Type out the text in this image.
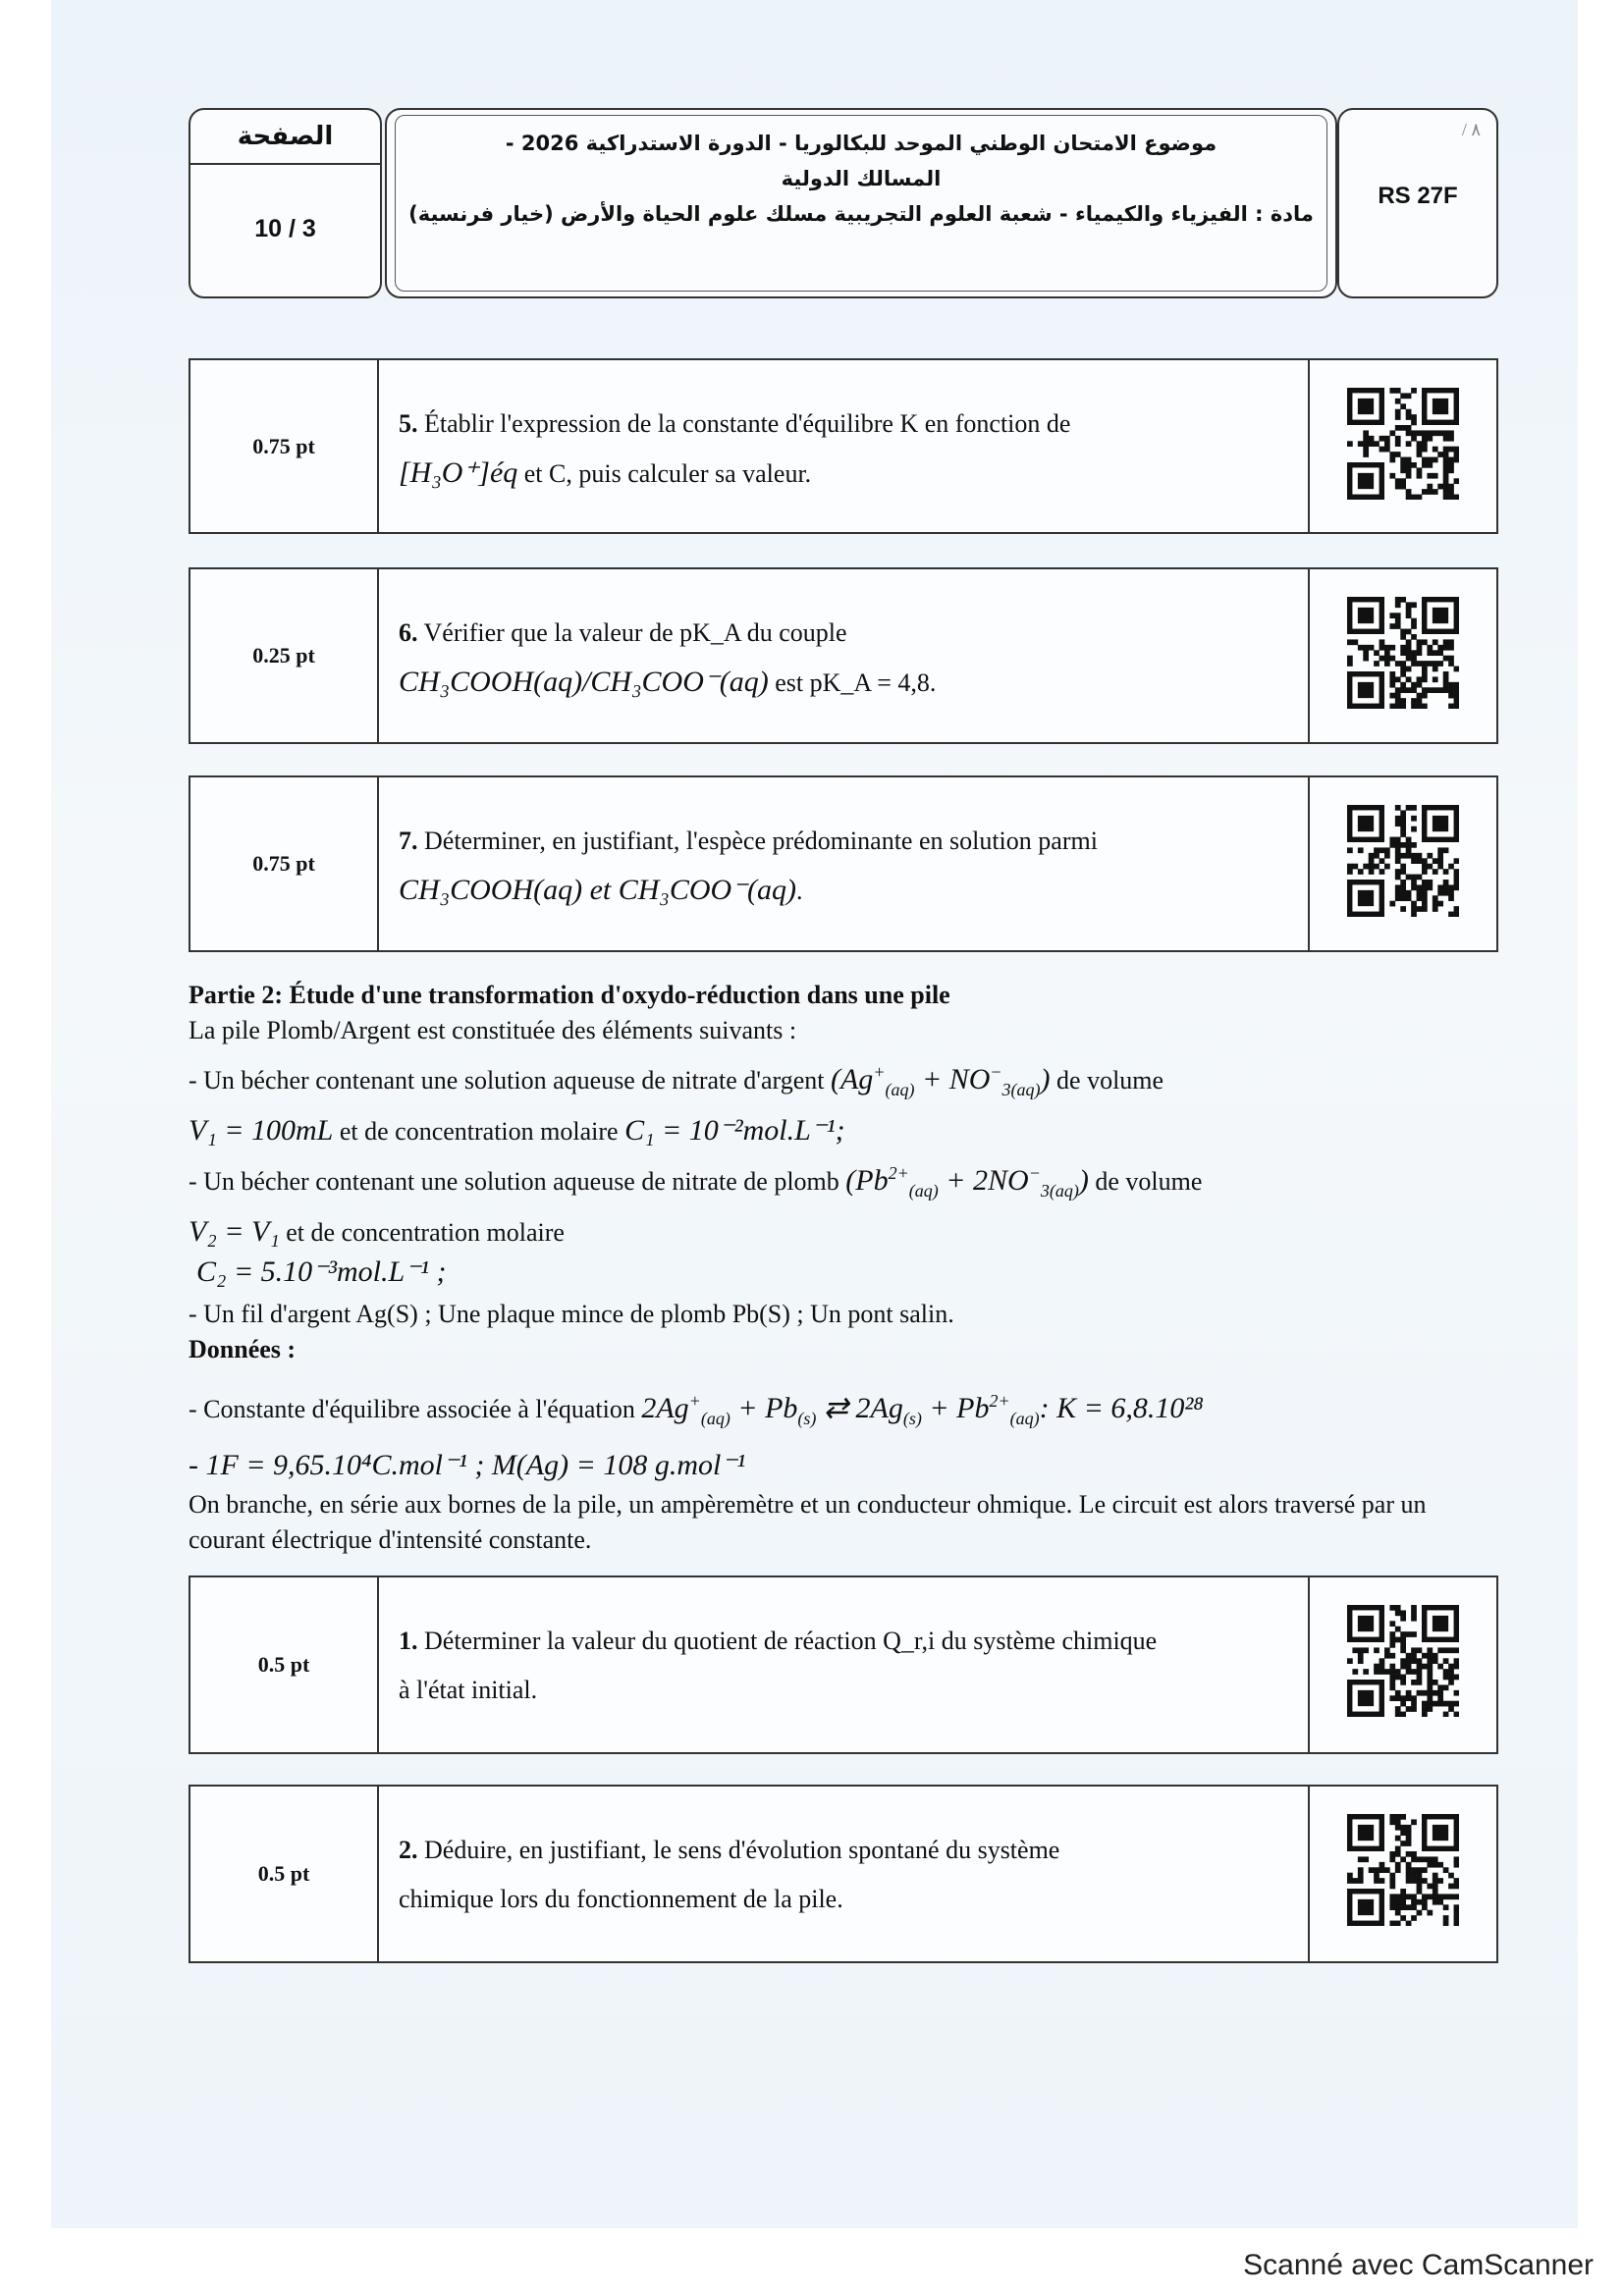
الصفحة
10 / 3
موضوع الامتحان الوطني الموحد للبكالوريا - الدورة الاستدراكية 2026 -
المسالك الدولية
مادة : الفيزياء والكيمياء - شعبة العلوم التجريبية مسلك علوم الحياة والأرض (خيار فرنسية)
/ ۸
RS 27F
0.75 pt
5. Établir l'expression de la constante d'équilibre K en fonction de
[H₃O⁺]éq et C, puis calculer sa valeur.
0.25 pt
6. Vérifier que la valeur de pK_A du couple
CH₃COOH(aq)/CH₃COO⁻(aq) est pK_A = 4,8.
0.75 pt
7. Déterminer, en justifiant, l'espèce prédominante en solution parmi
CH₃COOH(aq) et CH₃COO⁻(aq).
Partie 2: Étude d'une transformation d'oxydo-réduction dans une pile
La pile Plomb/Argent est constituée des éléments suivants :
- Un bécher contenant une solution aqueuse de nitrate d'argent $(Ag^+_{(aq)} + NO^-_{3(aq)})$ de volume
V₁ = 100mL et de concentration molaire C₁ = 10⁻²mol.L⁻¹;
- Un bécher contenant une solution aqueuse de nitrate de plomb $(Pb^{2+}_{(aq)} + 2NO^-_{3(aq)})$ de volume
V₂ = V₁ et de concentration molaire
C₂ = 5.10⁻³mol.L⁻¹ ;
- Un fil d'argent Ag(S) ; Une plaque mince de plomb Pb(S) ; Un pont salin.
Données :
- Constante d'équilibre associée à l'équation $2Ag^+_{(aq)} + Pb_{(s)}$ ⇄ $2Ag_{(s)} + Pb^{2+}_{(aq)}$: K = 6,8.10²⁸
- 1F = 9,65.10⁴C.mol⁻¹ ; M(Ag) = 108 g.mol⁻¹
On branche, en série aux bornes de la pile, un ampèremètre et un conducteur ohmique. Le circuit est alors traversé par un courant électrique d'intensité constante.
0.5 pt
1. Déterminer la valeur du quotient de réaction Q_r,i du système chimique
à l'état initial.
0.5 pt
2. Déduire, en justifiant, le sens d'évolution spontané du système
chimique lors du fonctionnement de la pile.
Scanné avec CamScanner
